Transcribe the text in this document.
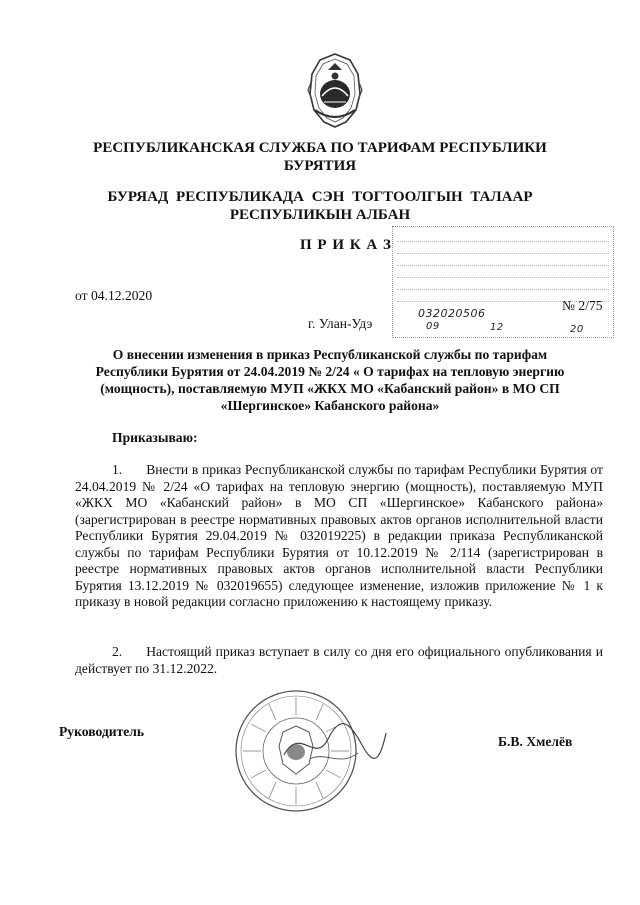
РЕСПУБЛИКАНСКАЯ СЛУЖБА ПО ТАРИФАМ РЕСПУБЛИКИ
БУРЯТИЯ
БУРЯАД РЕСПУБЛИКАДА СЭН ТОГТООЛГЫН ТАЛААР
РЕСПУБЛИКЫН АЛБАН
П Р И К А З
от 04.12.2020
№ 2/75
г. Улан-Удэ
032020506
09	12	20
О внесении изменения в приказ Республиканской службы по тарифам
Республики Бурятия от 24.04.2019 № 2/24 « О тарифах на тепловую энергию
(мощность), поставляемую МУП «ЖКХ МО «Кабанский район» в МО СП
«Шергинское» Кабанского района»
Приказываю:

1. Внести в приказ Республиканской службы по тарифам Республики Бурятия от 24.04.2019 № 2/24 «О тарифах на тепловую энергию (мощность), поставляемую МУП «ЖКХ МО «Кабанский район» в МО СП «Шергинское» Кабанского района» (зарегистрирован в реестре нормативных правовых актов органов исполнительной власти Республики Бурятия 29.04.2019 № 032019225) в редакции приказа Республиканской службы по тарифам Республики Бурятия от 10.12.2019 № 2/114 (зарегистрирован в реестре нормативных правовых актов органов исполнительной власти Республики Бурятия 13.12.2019 № 032019655) следующее изменение, изложив приложение № 1 к приказу в новой редакции согласно приложению к настоящему приказу.

2. Настоящий приказ вступает в силу со дня его официального опубликования и действует по 31.12.2022.

Руководитель
Б.В. Хмелёв
